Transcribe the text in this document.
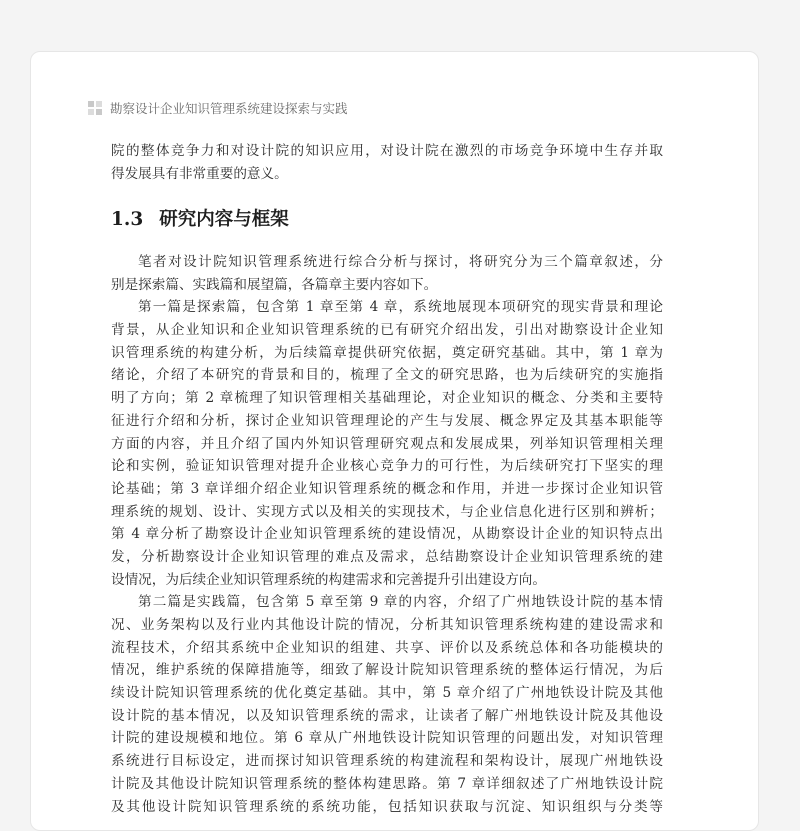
勘察设计企业知识管理系统建设探索与实践
院的整体竞争力和对设计院的知识应用，对设计院在激烈的市场竞争环境中生存并取
得发展具有非常重要的意义。
1.3 研究内容与框架
笔者对设计院知识管理系统进行综合分析与探讨，将研究分为三个篇章叙述，分
别是探索篇、实践篇和展望篇，各篇章主要内容如下。
第一篇是探索篇，包含第 1 章至第 4 章，系统地展现本项研究的现实背景和理论
背景，从企业知识和企业知识管理系统的已有研究介绍出发，引出对勘察设计企业知
识管理系统的构建分析，为后续篇章提供研究依据，奠定研究基础。其中，第 1 章为
绪论，介绍了本研究的背景和目的，梳理了全文的研究思路，也为后续研究的实施指
明了方向；第 2 章梳理了知识管理相关基础理论，对企业知识的概念、分类和主要特
征进行介绍和分析，探讨企业知识管理理论的产生与发展、概念界定及其基本职能等
方面的内容，并且介绍了国内外知识管理研究观点和发展成果，列举知识管理相关理
论和实例，验证知识管理对提升企业核心竞争力的可行性，为后续研究打下坚实的理
论基础；第 3 章详细介绍企业知识管理系统的概念和作用，并进一步探讨企业知识管
理系统的规划、设计、实现方式以及相关的实现技术，与企业信息化进行区别和辨析；
第 4 章分析了勘察设计企业知识管理系统的建设情况，从勘察设计企业的知识特点出
发，分析勘察设计企业知识管理的难点及需求，总结勘察设计企业知识管理系统的建
设情况，为后续企业知识管理系统的构建需求和完善提升引出建设方向。
第二篇是实践篇，包含第 5 章至第 9 章的内容，介绍了广州地铁设计院的基本情
况、业务架构以及行业内其他设计院的情况，分析其知识管理系统构建的建设需求和
流程技术，介绍其系统中企业知识的组建、共享、评价以及系统总体和各功能模块的
情况，维护系统的保障措施等，细致了解设计院知识管理系统的整体运行情况，为后
续设计院知识管理系统的优化奠定基础。其中，第 5 章介绍了广州地铁设计院及其他
设计院的基本情况，以及知识管理系统的需求，让读者了解广州地铁设计院及其他设
计院的建设规模和地位。第 6 章从广州地铁设计院知识管理的问题出发，对知识管理
系统进行目标设定，进而探讨知识管理系统的构建流程和架构设计，展现广州地铁设
计院及其他设计院知识管理系统的整体构建思路。第 7 章详细叙述了广州地铁设计院
及其他设计院知识管理系统的系统功能，包括知识获取与沉淀、知识组织与分类等
